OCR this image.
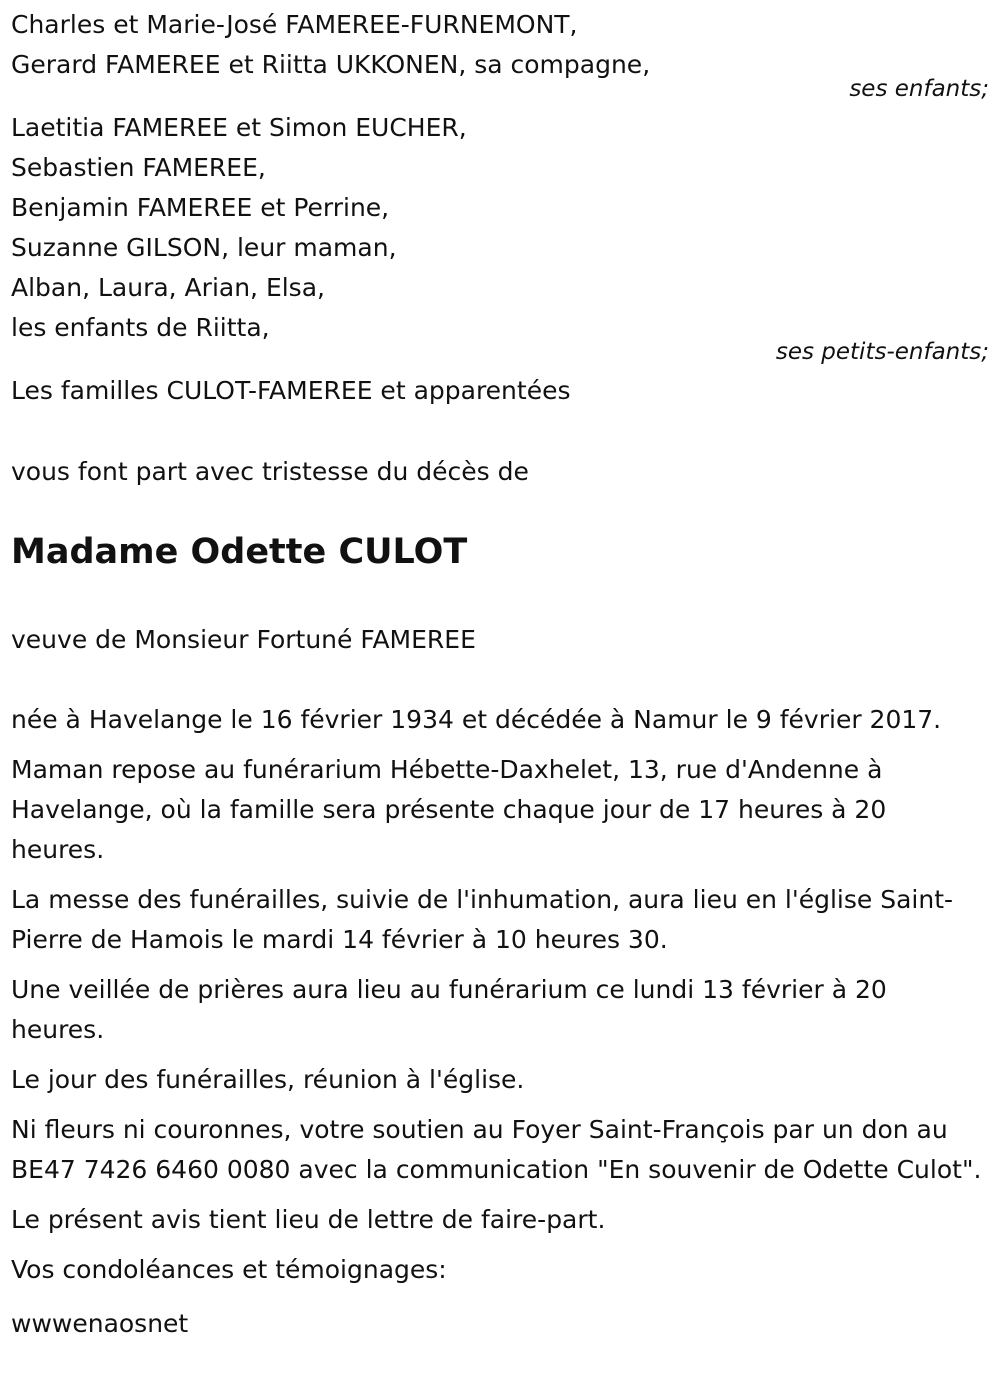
Charles et Marie-José FAMEREE-FURNEMONT,
Gerard FAMEREE et Riitta UKKONEN, sa compagne,
ses enfants;
Laetitia FAMEREE et Simon EUCHER,
Sebastien FAMEREE,
Benjamin FAMEREE et Perrine,
Suzanne GILSON, leur maman,
Alban, Laura, Arian, Elsa,
les enfants de Riitta,
ses petits-enfants;
Les familles CULOT-FAMEREE et apparentées
vous font part avec tristesse du décès de
Madame Odette CULOT
veuve de Monsieur Fortuné FAMEREE
née à Havelange le 16 février 1934 et décédée à Namur le 9 février 2017.
Maman repose au funérarium Hébette-Daxhelet, 13, rue d'Andenne à Havelange, où la famille sera présente chaque jour de 17 heures à 20 heures.
La messe des funérailles, suivie de l'inhumation, aura lieu en l'église Saint-Pierre de Hamois le mardi 14 février à 10 heures 30.
Une veillée de prières aura lieu au funérarium ce lundi 13 février à 20 heures.
Le jour des funérailles, réunion à l'église.
Ni fleurs ni couronnes, votre soutien au Foyer Saint-François par un don au BE47 7426 6460 0080 avec la communication "En souvenir de Odette Culot".
Le présent avis tient lieu de lettre de faire-part.
Vos condoléances et témoignages:
wwwenaosnet
